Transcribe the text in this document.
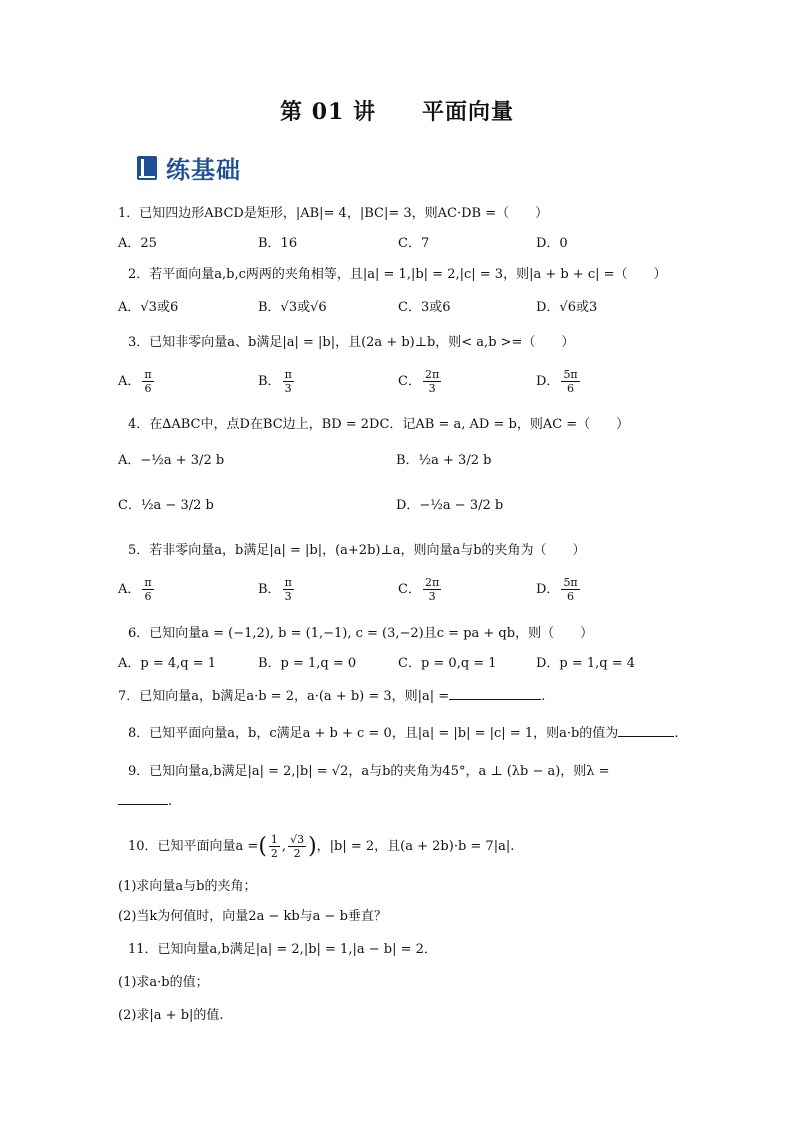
第 01 讲　　平面向量
练基础
1．已知四边形ABCD是矩形，|AB|= 4，|BC|= 3，则AC·DB =（　　）
A．25	B．16	C．7	D．0
2．若平面向量a,b,c两两的夹角相等，且|a| = 1,|b| = 2,|c| = 3，则|a + b + c| =（　　）
A．√3或6	B．√3或√6	C．3或6	D．√6或3
3．已知非零向量a、b满足|a| = |b|，且(2a + b)⊥b，则< a,b >=（　　）
A． $\frac{\pi}{6}$	B． $\frac{\pi}{3}$	C． $\frac{2\pi}{3}$	D． $\frac{5\pi}{6}$
4．在∆ABC中，点D在BC边上，BD = 2DC．记AB = a, AD = b，则AC =（　　）
A．−½a + 3/2 b	B．½a + 3/2 b
C．½a − 3/2 b	D．−½a − 3/2 b
5．若非零向量a，b满足|a| = |b|，(a+2b)⊥a，则向量a与b的夹角为（　　）
A． $\frac{\pi}{6}$	B． $\frac{\pi}{3}$	C． $\frac{2\pi}{3}$	D． $\frac{5\pi}{6}$
6．已知向量a = (−1,2), b = (1,−1), c = (3,−2)且c = pa + qb，则（　　）
A．p = 4,q = 1	B．p = 1,q = 0	C．p = 0,q = 1	D．p = 1,q = 4
7．已知向量a，b满足a·b = 2，a·(a + b) = 3，则|a| =	.
8．已知平面向量a，b，c满足a + b + c = 0，且|a| = |b| = |c| = 1，则a·b的值为	.
9．已知向量a,b满足|a| = 2,|b| = √2，a与b的夹角为45°，a ⊥ (λb − a)，则λ =
.
10．已知平面向量a =( $\frac{1}{2}$ , $\frac{√3}{2}$ )，|b| = 2，且(a + 2b)·b = 7|a|.
(1)求向量a与b的夹角；
(2)当k为何值时，向量2a − kb与a − b垂直？
11．已知向量a,b满足|a| = 2,|b| = 1,|a − b| = 2．
(1)求a·b的值；
(2)求|a + b|的值.
